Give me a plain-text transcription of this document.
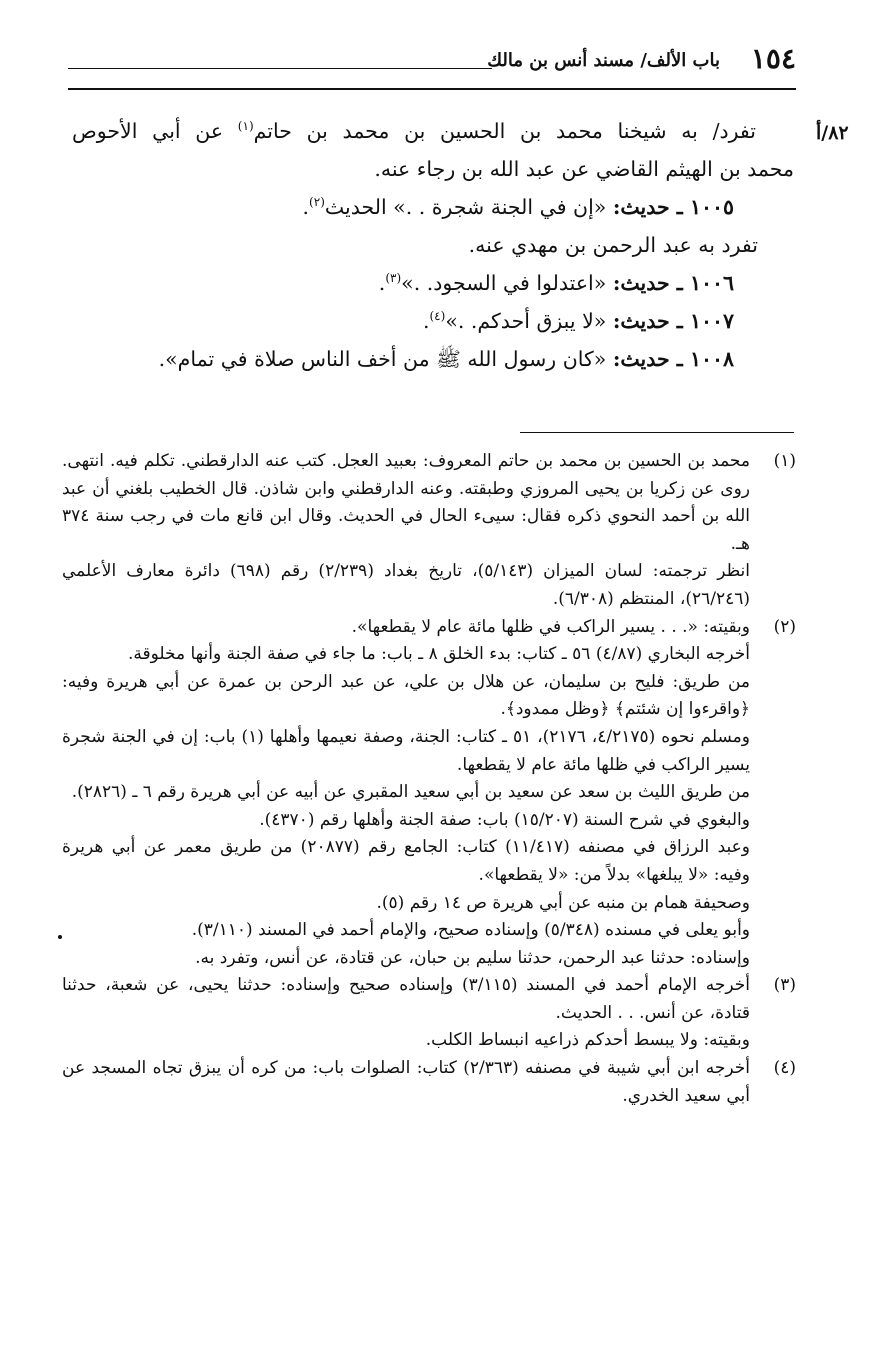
١٥٤
باب الألف/ مسند أنس بن مالك
٨٢/أ

تفرد/ به شيخنا محمد بن الحسين بن محمد بن حاتم$^{(١)}$ عن أبي الأحوص

محمد بن الهيثم القاضي عن عبد الله بن رجاء عنه.

١٠٠٥ ـ حديث: «إن في الجنة شجرة . .» الحديث$^{(٢)}$.

تفرد به عبد الرحمن بن مهدي عنه.

١٠٠٦ ـ حديث: «اعتدلوا في السجود. .»$^{(٣)}$.

١٠٠٧ ـ حديث: «لا يبزق أحدكم. .»$^{(٤)}$.

١٠٠٨ ـ حديث: «كان رسول الله ﷺ من أخف الناس صلاة في تمام».

(١)

محمد بن الحسين بن محمد بن حاتم المعروف: بعبيد العجل. كتب عنه الدارقطني. تكلم فيه. انتهى. روى عن زكريا بن يحيى المروزي وطبقته. وعنه الدارقطني وابن شاذن. قال الخطيب بلغني أن عبد الله بن أحمد النحوي ذكره فقال: سيىء الحال في الحديث. وقال ابن قانع مات في رجب سنة ٣٧٤ هـ.

انظر ترجمته: لسان الميزان (٥/١٤٣)، تاريخ بغداد (٢/٢٣٩) رقم (٦٩٨) دائرة معارف الأعلمي (٢٦/٢٤٦)، المنتظم (٦/٣٠٨).

(٢)

وبقيته: «. . . يسير الراكب في ظلها مائة عام لا يقطعها».

أخرجه البخاري (٤/٨٧) ٥٦ ـ كتاب: بدء الخلق ٨ ـ باب: ما جاء في صفة الجنة وأنها مخلوقة.

من طريق: فليح بن سليمان، عن هلال بن علي، عن عبد الرحن بن عمرة عن أبي هريرة وفيه: ﴿واقرءوا إن شئتم﴾ ﴿وظل ممدود﴾.

ومسلم نحوه (٤/٢١٧٥، ٢١٧٦)، ٥١ ـ كتاب: الجنة، وصفة نعيمها وأهلها (١) باب: إن في الجنة شجرة يسير الراكب في ظلها مائة عام لا يقطعها.

من طريق الليث بن سعد عن سعيد بن أبي سعيد المقبري عن أبيه عن أبي هريرة رقم ٦ ـ (٢٨٢٦).

والبغوي في شرح السنة (١٥/٢٠٧) باب: صفة الجنة وأهلها رقم (٤٣٧٠).

وعبد الرزاق في مصنفه (١١/٤١٧) كتاب: الجامع رقم (٢٠٨٧٧) من طريق معمر عن أبي هريرة وفيه: «لا يبلغها» بدلاً من: «لا يقطعها».

وصحيفة همام بن منبه عن أبي هريرة ص ١٤ رقم (٥).

وأبو يعلى في مسنده (٥/٣٤٨) وإسناده صحيح، والإمام أحمد في المسند (٣/١١٠).

وإسناده: حدثنا عبد الرحمن، حدثنا سليم بن حبان، عن قتادة، عن أنس، وتفرد به.

(٣)

أخرجه الإمام أحمد في المسند (٣/١١٥) وإسناده صحيح وإسناده: حدثنا يحيى، عن شعبة، حدثنا قتادة، عن أنس. . . الحديث.

وبقيته: ولا يبسط أحدكم ذراعيه انبساط الكلب.

(٤)

أخرجه ابن أبي شيبة في مصنفه (٢/٣٦٣) كتاب: الصلوات باب: من كره أن يبزق تجاه المسجد عن أبي سعيد الخدري.
